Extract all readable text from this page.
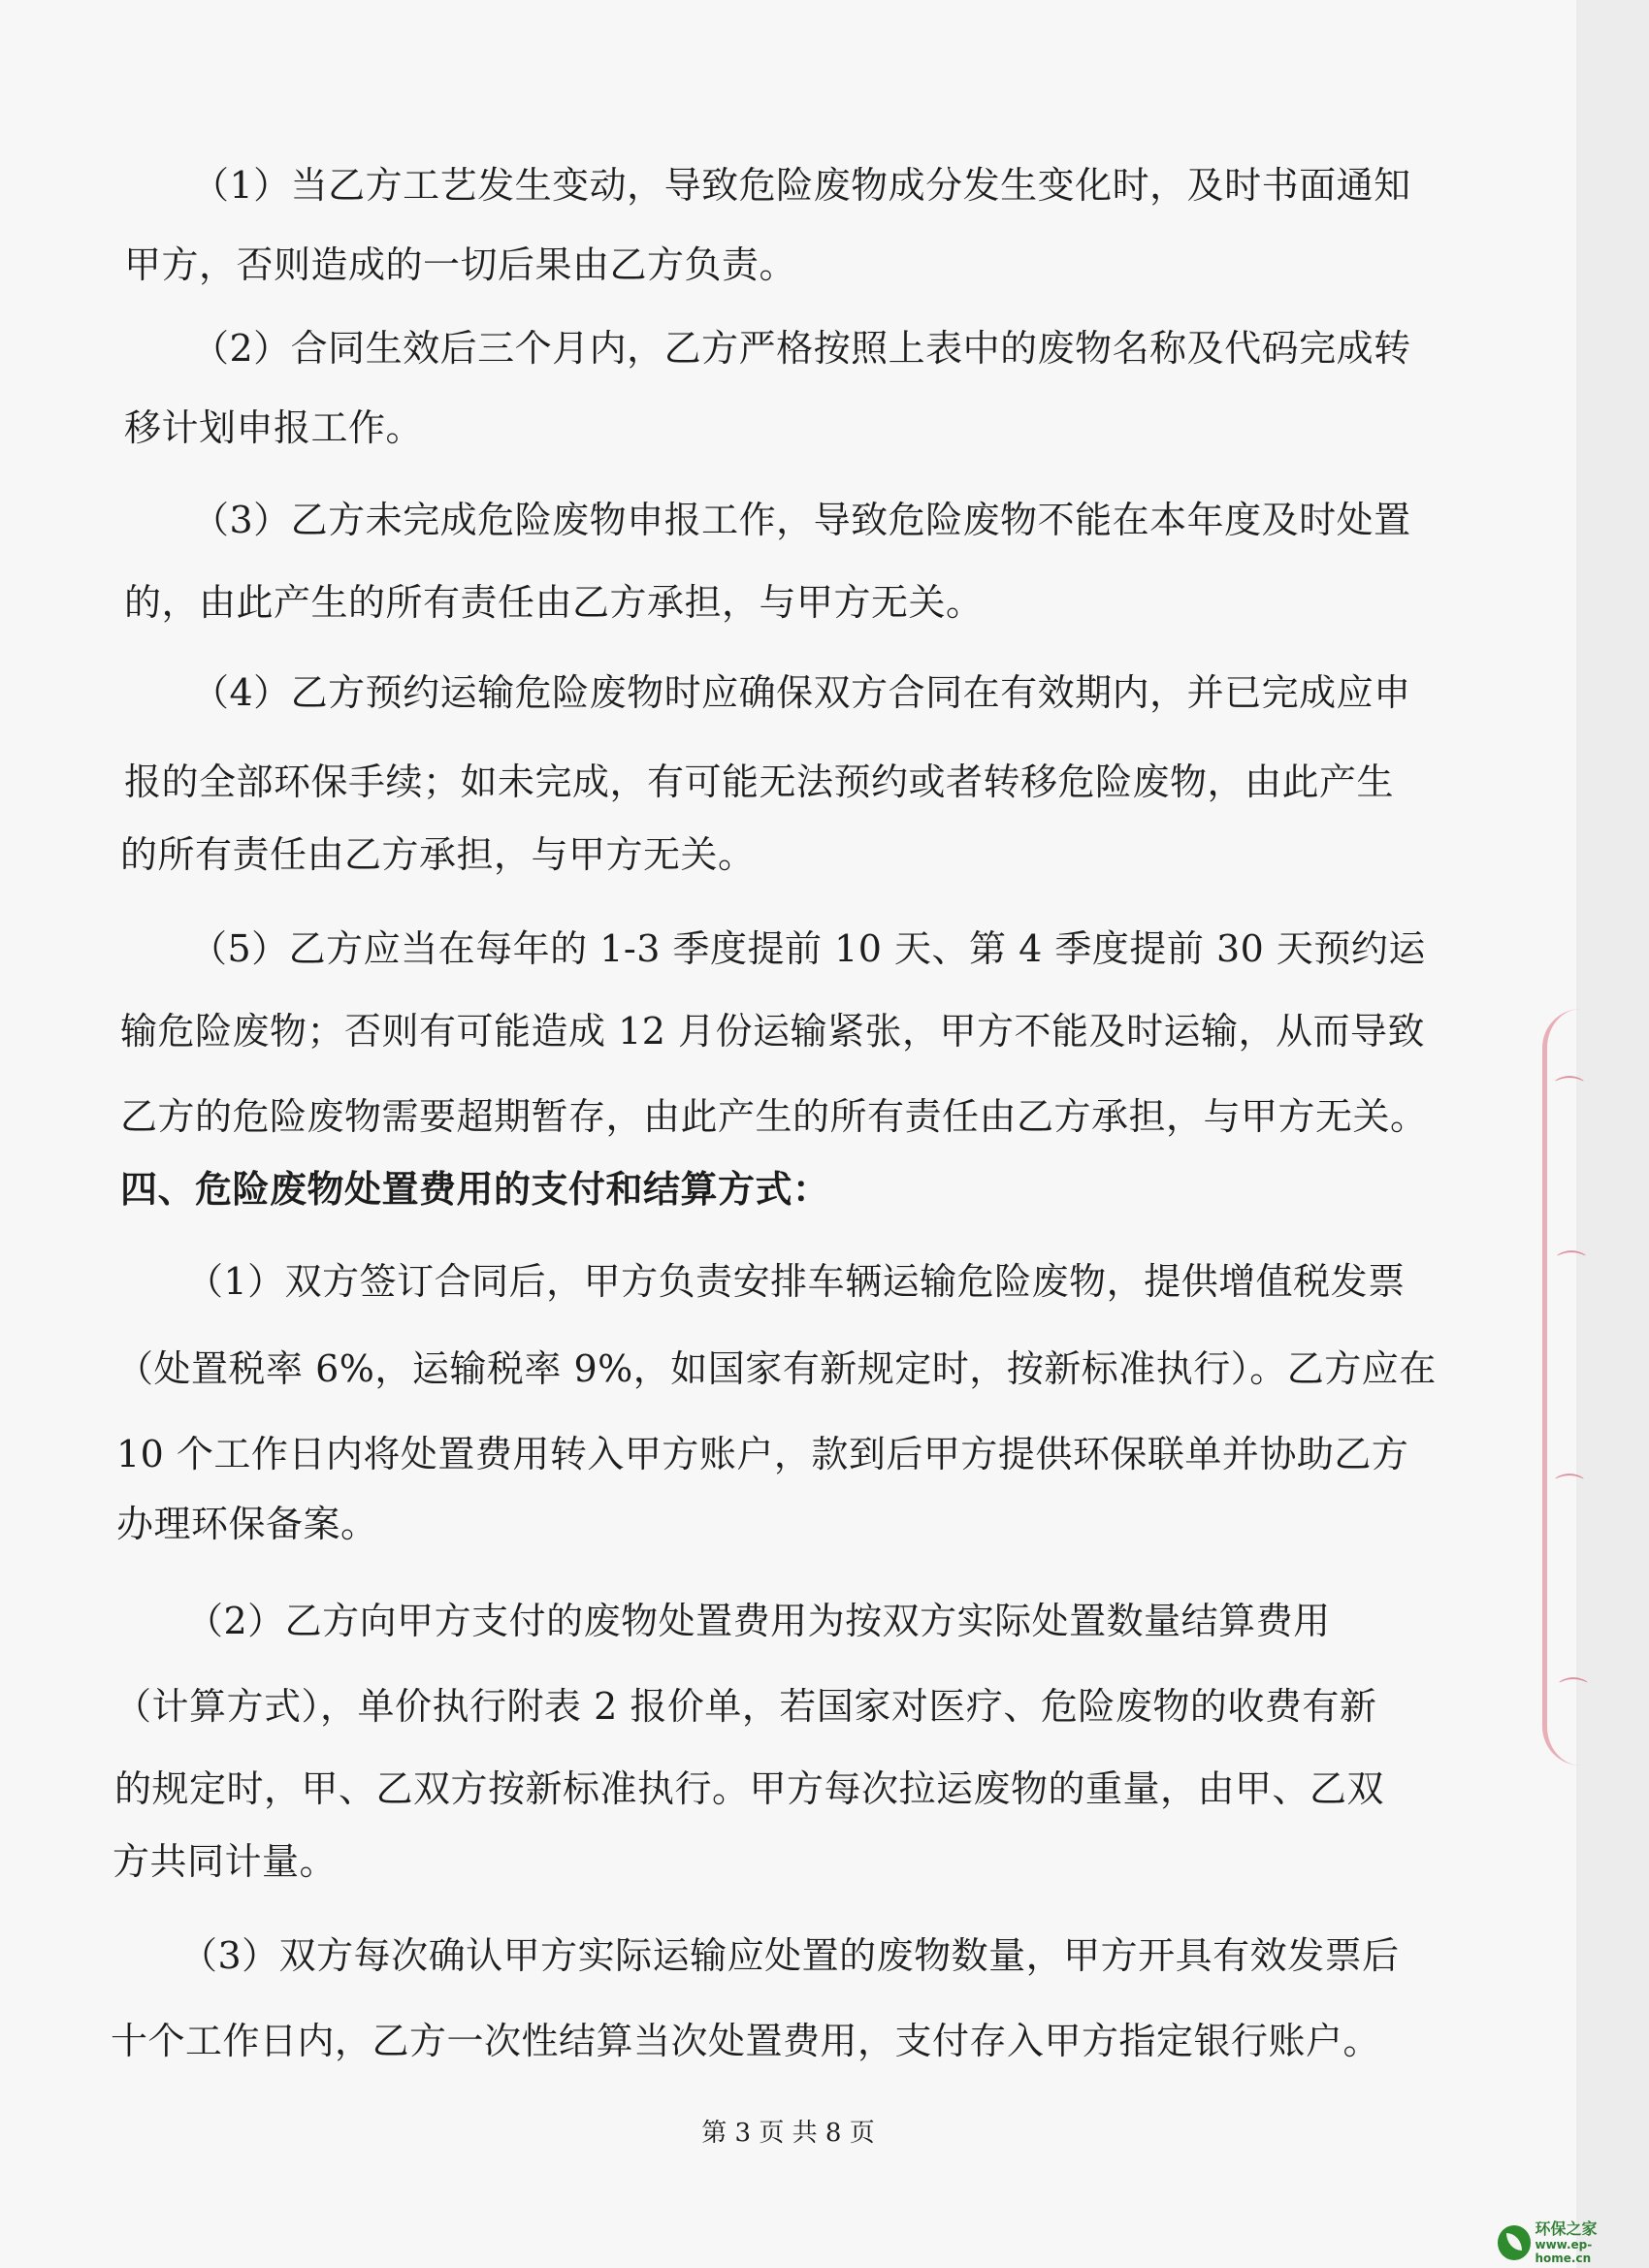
（1）当乙方工艺发生变动，导致危险废物成分发生变化时，及时书面通知
甲方，否则造成的一切后果由乙方负责。
（2）合同生效后三个月内，乙方严格按照上表中的废物名称及代码完成转
移计划申报工作。
（3）乙方未完成危险废物申报工作，导致危险废物不能在本年度及时处置
的，由此产生的所有责任由乙方承担，与甲方无关。
（4）乙方预约运输危险废物时应确保双方合同在有效期内，并已完成应申
报的全部环保手续；如未完成，有可能无法预约或者转移危险废物，由此产生
的所有责任由乙方承担，与甲方无关。
（5）乙方应当在每年的 1-3 季度提前 10 天、第 4 季度提前 30 天预约运
输危险废物；否则有可能造成 12 月份运输紧张，甲方不能及时运输，从而导致
乙方的危险废物需要超期暂存，由此产生的所有责任由乙方承担，与甲方无关。
四、危险废物处置费用的支付和结算方式：
（1）双方签订合同后，甲方负责安排车辆运输危险废物，提供增值税发票
（处置税率 6%，运输税率 9%，如国家有新规定时，按新标准执行）。乙方应在
10 个工作日内将处置费用转入甲方账户，款到后甲方提供环保联单并协助乙方
办理环保备案。
（2）乙方向甲方支付的废物处置费用为按双方实际处置数量结算费用
（计算方式），单价执行附表 2 报价单，若国家对医疗、危险废物的收费有新
的规定时，甲、乙双方按新标准执行。甲方每次拉运废物的重量，由甲、乙双
方共同计量。
（3）双方每次确认甲方实际运输应处置的废物数量，甲方开具有效发票后
十个工作日内，乙方一次性结算当次处置费用，支付存入甲方指定银行账户。
第 3 页 共 8 页
⌒
⌒
⌒
⌒
环保之家
www.ep-home.cn
